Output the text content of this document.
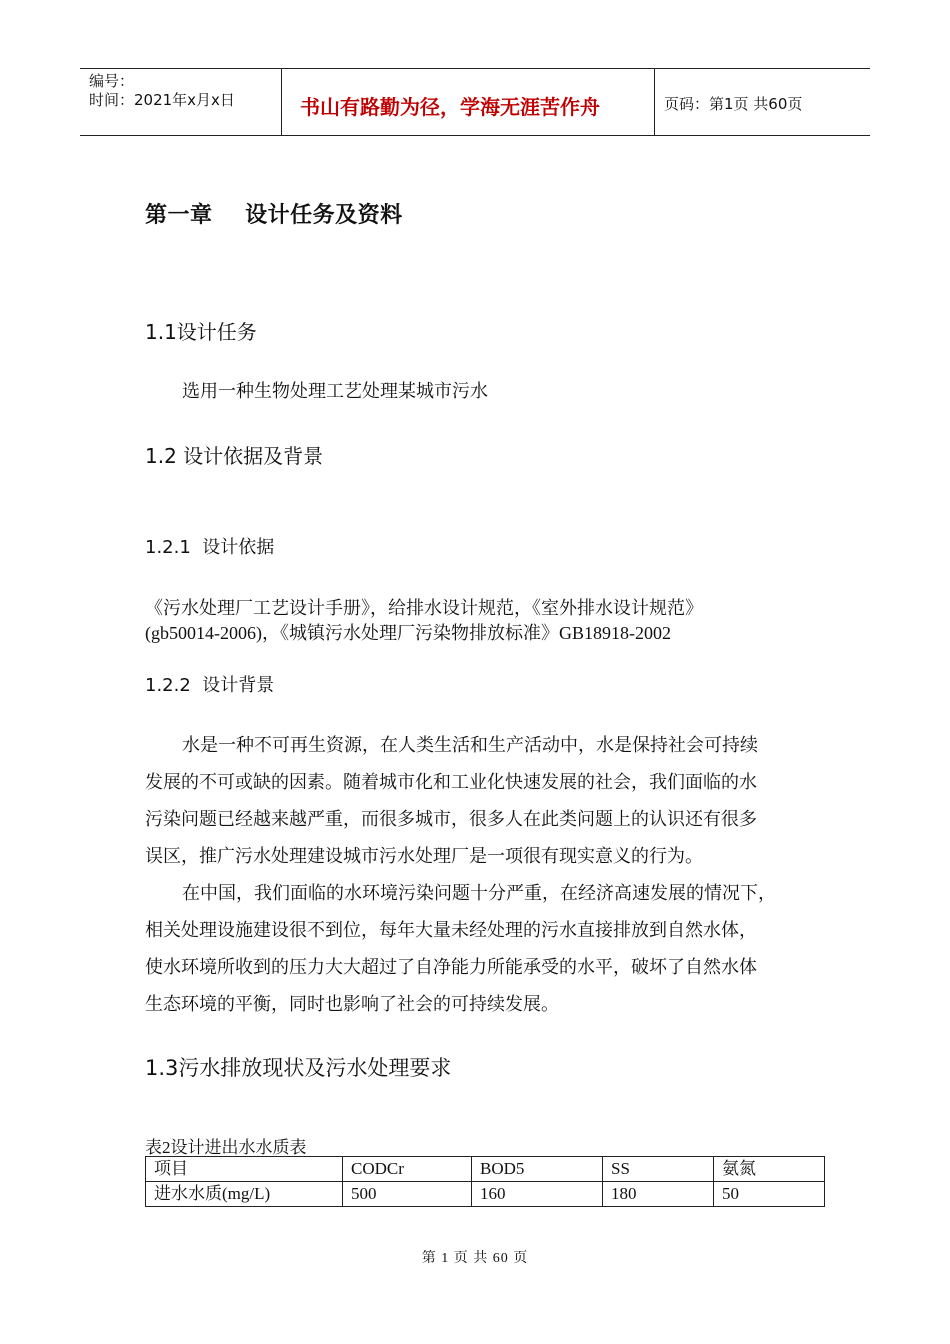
编号：
时间：2021年x月x日	书山有路勤为径，学海无涯苦作舟	页码：第1页 共60页
第一章    设计任务及资料
1.1设计任务
选用一种生物处理工艺处理某城市污水
1.2 设计依据及背景
1.2.1  设计依据
《污水处理厂工艺设计手册》，给排水设计规范，《室外排水设计规范》
(gb50014-2006)，《城镇污水处理厂污染物排放标准》GB18918-2002
1.2.2  设计背景
水是一种不可再生资源，在人类生活和生产活动中，水是保持社会可持续
发展的不可或缺的因素。随着城市化和工业化快速发展的社会，我们面临的水
污染问题已经越来越严重，而很多城市，很多人在此类问题上的认识还有很多
误区，推广污水处理建设城市污水处理厂是一项很有现实意义的行为。
在中国，我们面临的水环境污染问题十分严重，在经济高速发展的情况下，
相关处理设施建设很不到位，每年大量未经处理的污水直接排放到自然水体，
使水环境所收到的压力大大超过了自净能力所能承受的水平，破坏了自然水体
生态环境的平衡，同时也影响了社会的可持续发展。
1.3污水排放现状及污水处理要求
表2设计进出水水质表
项目	CODCr	BOD5	SS	氨氮
进水水质(mg/L)	500	160	180	50
第 1 页 共 60 页
